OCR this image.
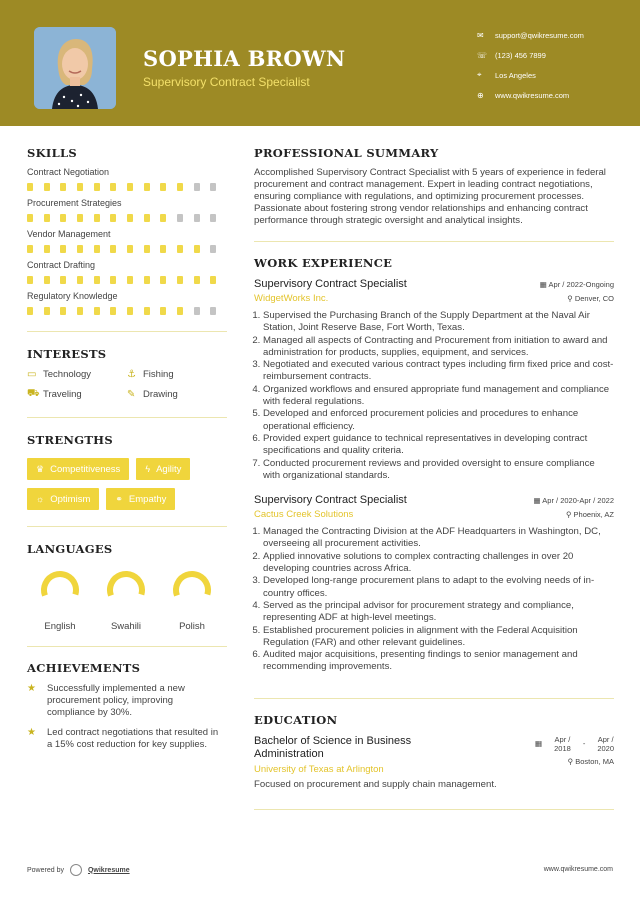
SOPHIA BROWN
Supervisory Contract Specialist
✉	support@qwikresume.com
☏	(123) 456 7899
⌖	Los Angeles
⊕	www.qwikresume.com
SKILLS
Contract Negotiation
Procurement Strategies
Vendor Management
Contract Drafting
Regulatory Knowledge
INTERESTS
▭ Technology	⚓ Fishing
⛟ Traveling	✎ Drawing
STRENGTHS
♛ Competitiveness	ϟ Agility
☼ Optimism	⚭ Empathy
LANGUAGES
English	Swahili	Polish
ACHIEVEMENTS
★	Successfully implemented a new procurement policy, improving compliance by 30%.
★	Led contract negotiations that resulted in a 15% cost reduction for key supplies.
PROFESSIONAL SUMMARY
Accomplished Supervisory Contract Specialist with 5 years of experience in federal procurement and contract management. Expert in leading contract negotiations, ensuring compliance with regulations, and optimizing procurement processes. Passionate about fostering strong vendor relationships and enhancing contract performance through strategic oversight and analytical insights.
WORK EXPERIENCE
Supervisory Contract Specialist	▦ Apr / 2022-Ongoing
WidgetWorks Inc.	⚲ Denver, CO
1. Supervised the Purchasing Branch of the Supply Department at the Naval Air Station, Joint Reserve Base, Fort Worth, Texas.
2. Managed all aspects of Contracting and Procurement from initiation to award and administration for products, supplies, equipment, and services.
3. Negotiated and executed various contract types including firm fixed price and cost-reimbursement contracts.
4. Organized workflows and ensured appropriate fund management and compliance with federal regulations.
5. Developed and enforced procurement policies and procedures to enhance operational efficiency.
6. Provided expert guidance to technical representatives in developing contract specifications and quality criteria.
7. Conducted procurement reviews and provided oversight to ensure compliance with organizational standards.
Supervisory Contract Specialist	▦ Apr / 2020-Apr / 2022
Cactus Creek Solutions	⚲ Phoenix, AZ
1. Managed the Contracting Division at the ADF Headquarters in Washington, DC, overseeing all procurement activities.
2. Applied innovative solutions to complex contracting challenges in over 20 developing countries across Africa.
3. Developed long-range procurement plans to adapt to the evolving needs of in-country offices.
4. Served as the principal advisor for procurement strategy and compliance, representing ADF at high-level meetings.
5. Established procurement policies in alignment with the Federal Acquisition Regulation (FAR) and other relevant guidelines.
6. Audited major acquisitions, presenting findings to senior management and recommending improvements.
EDUCATION
Bachelor of Science in Business Administration
University of Texas at Arlington
▦ Apr /
2018 - Apr /
2020
⚲ Boston, MA
Focused on procurement and supply chain management.
Powered by	Qwikresume	www.qwikresume.com
